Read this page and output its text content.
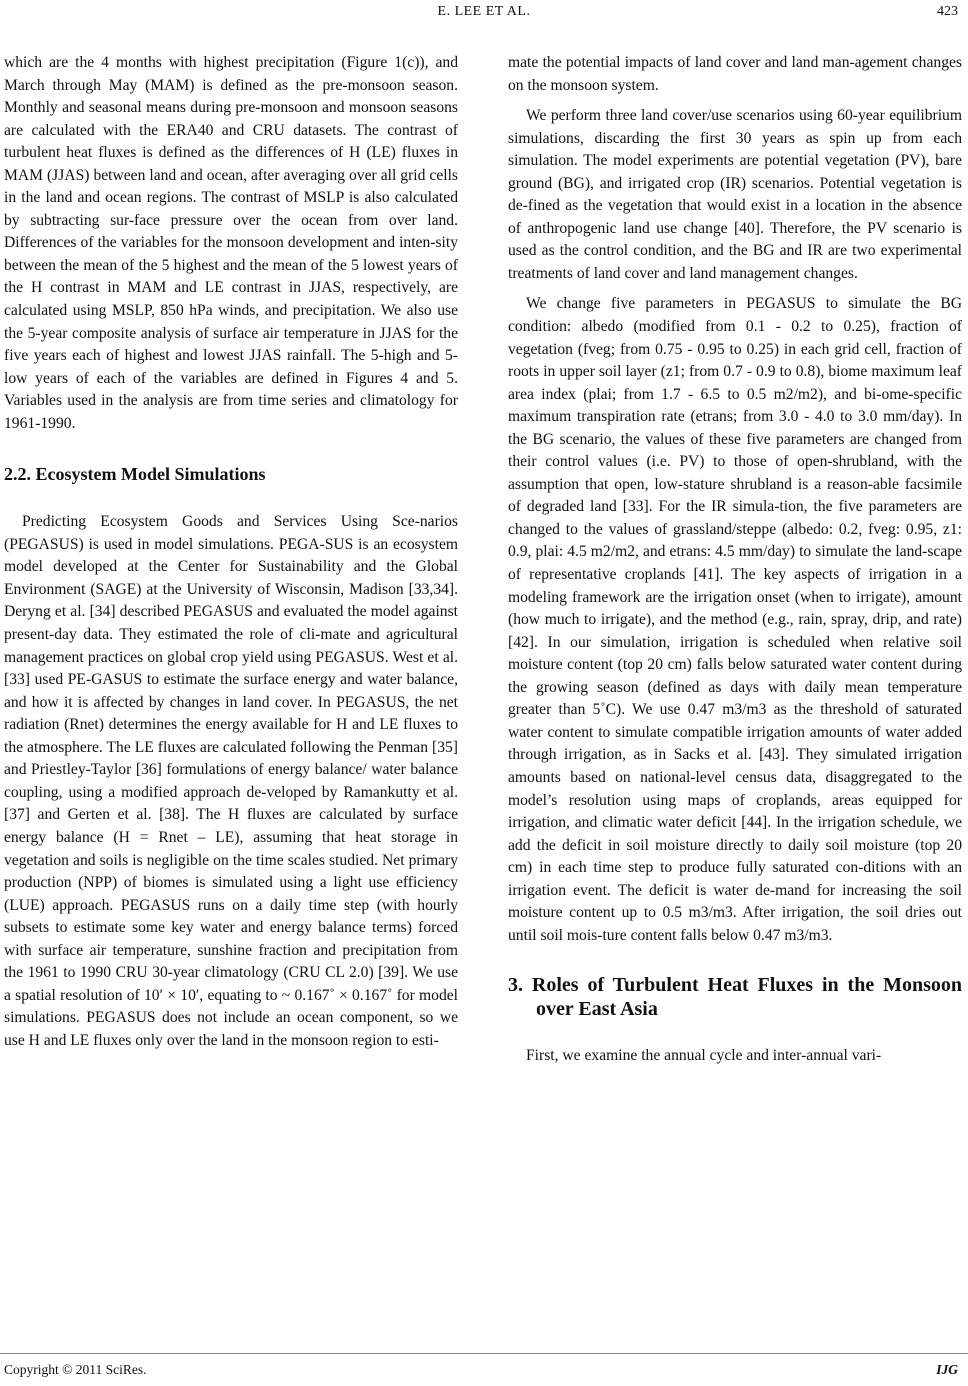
E. LEE ET AL.	423

which are the 4 months with highest precipitation (Figure 1(c)), and March through May (MAM) is defined as the pre-monsoon season. Monthly and seasonal means during pre-monsoon and monsoon seasons are calculated with the ERA40 and CRU datasets. The contrast of turbulent heat fluxes is defined as the differences of H (LE) fluxes in MAM (JJAS) between land and ocean, after averaging over all grid cells in the land and ocean regions. The contrast of MSLP is also calculated by subtracting sur-face pressure over the ocean from over land. Differences of the variables for the monsoon development and inten-sity between the mean of the 5 highest and the mean of the 5 lowest years of the H contrast in MAM and LE contrast in JJAS, respectively, are calculated using MSLP, 850 hPa winds, and precipitation. We also use the 5-year composite analysis of surface air temperature in JJAS for the five years each of highest and lowest JJAS rainfall. The 5-high and 5-low years of each of the variables are defined in Figures 4 and 5. Variables used in the analysis are from time series and climatology for 1961-1990.

2.2. Ecosystem Model Simulations

Predicting Ecosystem Goods and Services Using Sce-narios (PEGASUS) is used in model simulations. PEGA-SUS is an ecosystem model developed at the Center for Sustainability and the Global Environment (SAGE) at the University of Wisconsin, Madison [33,34]. Deryng et al. [34] described PEGASUS and evaluated the model against present-day data. They estimated the role of cli-mate and agricultural management practices on global crop yield using PEGASUS. West et al. [33] used PE-GASUS to estimate the surface energy and water balance, and how it is affected by changes in land cover. In PEGASUS, the net radiation (Rnet) determines the energy available for H and LE fluxes to the atmosphere. The LE fluxes are calculated following the Penman [35] and Priestley-Taylor [36] formulations of energy balance/ water balance coupling, using a modified approach de-veloped by Ramankutty et al. [37] and Gerten et al. [38]. The H fluxes are calculated by surface energy balance (H = Rnet – LE), assuming that heat storage in vegetation and soils is negligible on the time scales studied. Net primary production (NPP) of biomes is simulated using a light use efficiency (LUE) approach. PEGASUS runs on a daily time step (with hourly subsets to estimate some key water and energy balance terms) forced with surface air temperature, sunshine fraction and precipitation from the 1961 to 1990 CRU 30-year climatology (CRU CL 2.0) [39]. We use a spatial resolution of 10′ × 10′, equating to ~ 0.167˚ × 0.167˚ for model simulations. PEGASUS does not include an ocean component, so we use H and LE fluxes only over the land in the monsoon region to esti-

mate the potential impacts of land cover and land man-agement changes on the monsoon system.

We perform three land cover/use scenarios using 60-year equilibrium simulations, discarding the first 30 years as spin up from each simulation. The model experiments are potential vegetation (PV), bare ground (BG), and irrigated crop (IR) scenarios. Potential vegetation is de-fined as the vegetation that would exist in a location in the absence of anthropogenic land use change [40]. Therefore, the PV scenario is used as the control condition, and the BG and IR are two experimental treatments of land cover and land management changes.

We change five parameters in PEGASUS to simulate the BG condition: albedo (modified from 0.1 - 0.2 to 0.25), fraction of vegetation (fveg; from 0.75 - 0.95 to 0.25) in each grid cell, fraction of roots in upper soil layer (z1; from 0.7 - 0.9 to 0.8), biome maximum leaf area index (plai; from 1.7 - 6.5 to 0.5 m2/m2), and bi-ome-specific maximum transpiration rate (etrans; from 3.0 - 4.0 to 3.0 mm/day). In the BG scenario, the values of these five parameters are changed from their control values (i.e. PV) to those of open-shrubland, with the assumption that open, low-stature shrubland is a reason-able facsimile of degraded land [33]. For the IR simula-tion, the five parameters are changed to the values of grassland/steppe (albedo: 0.2, fveg: 0.95, z1: 0.9, plai: 4.5 m2/m2, and etrans: 4.5 mm/day) to simulate the land-scape of representative croplands [41]. The key aspects of irrigation in a modeling framework are the irrigation onset (when to irrigate), amount (how much to irrigate), and the method (e.g., rain, spray, drip, and rate) [42]. In our simulation, irrigation is scheduled when relative soil moisture content (top 20 cm) falls below saturated water content during the growing season (defined as days with daily mean temperature greater than 5˚C). We use 0.47 m3/m3 as the threshold of saturated water content to simulate compatible irrigation amounts of water added through irrigation, as in Sacks et al. [43]. They simulated irrigation amounts based on national-level census data, disaggregated to the model’s resolution using maps of croplands, areas equipped for irrigation, and climatic water deficit [44]. In the irrigation schedule, we add the deficit in soil moisture directly to daily soil moisture (top 20 cm) in each time step to produce fully saturated con-ditions with an irrigation event. The deficit is water de-mand for increasing the soil moisture content up to 0.5 m3/m3. After irrigation, the soil dries out until soil mois-ture content falls below 0.47 m3/m3.

3. Roles of Turbulent Heat Fluxes in the Monsoon over East Asia

First, we examine the annual cycle and inter-annual vari-

Copyright © 2011 SciRes.	IJG
